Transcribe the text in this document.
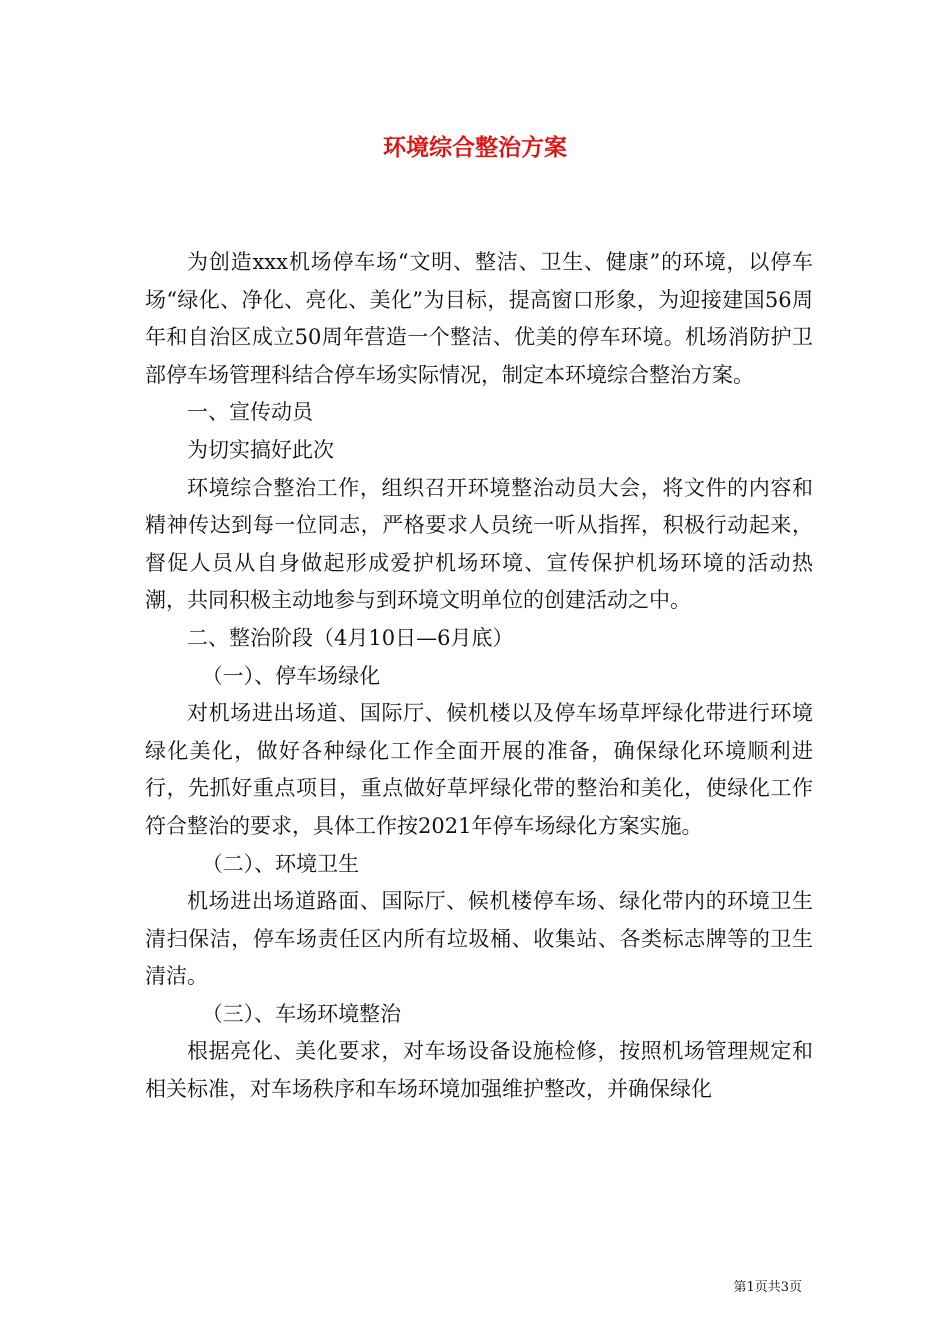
环境综合整治方案

为创造xxx机场停车场“文明、整洁、卫生、健康”的环境，以停车场“绿化、净化、亮化、美化”为目标，提高窗口形象，为迎接建国56周年和自治区成立50周年营造一个整洁、优美的停车环境。机场消防护卫部停车场管理科结合停车场实际情况，制定本环境综合整治方案。

一、宣传动员

为切实搞好此次

环境综合整治工作，组织召开环境整治动员大会，将文件的内容和精神传达到每一位同志，严格要求人员统一听从指挥，积极行动起来，督促人员从自身做起形成爱护机场环境、宣传保护机场环境的活动热潮，共同积极主动地参与到环境文明单位的创建活动之中。

二、整治阶段（4月10日—6月底）

（一）、停车场绿化

对机场进出场道、国际厅、候机楼以及停车场草坪绿化带进行环境绿化美化，做好各种绿化工作全面开展的准备，确保绿化环境顺利进行，先抓好重点项目，重点做好草坪绿化带的整治和美化，使绿化工作符合整治的要求，具体工作按2021年停车场绿化方案实施。

（二）、环境卫生

机场进出场道路面、国际厅、候机楼停车场、绿化带内的环境卫生清扫保洁，停车场责任区内所有垃圾桶、收集站、各类标志牌等的卫生清洁。

（三）、车场环境整治

根据亮化、美化要求，对车场设备设施检修，按照机场管理规定和相关标准，对车场秩序和车场环境加强维护整改，并确保绿化

第1页共3页
